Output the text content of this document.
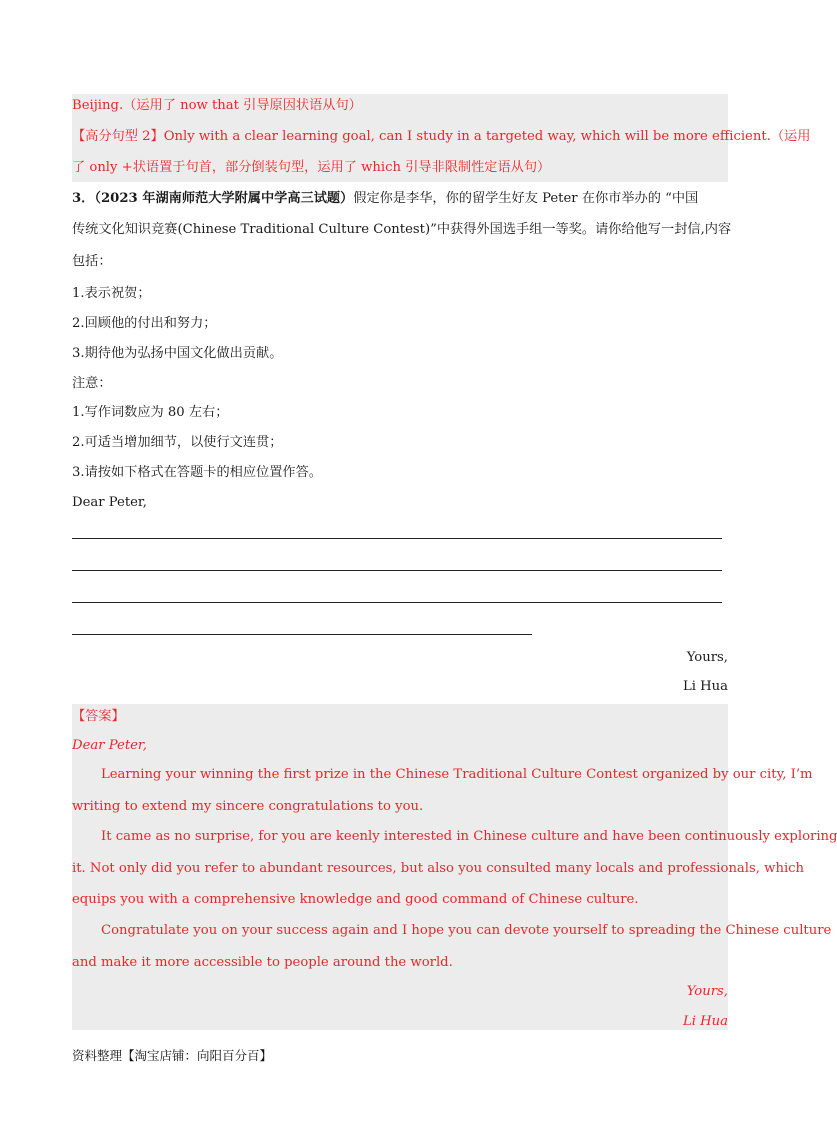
Beijing.（运用了 now that 引导原因状语从句）
【高分句型 2】Only with a clear learning goal, can I study in a targeted way, which will be more efficient.（运用
了 only +状语置于句首，部分倒装句型，运用了 which 引导非限制性定语从句）
3．（2023 年湖南师范大学附属中学高三试题）假定你是李华，你的留学生好友 Peter 在你市举办的 “中国
传统文化知识竞赛(Chinese Traditional Culture Contest)”中获得外国选手组一等奖。请你给他写一封信,内容
包括：
1.表示祝贺；
2.回顾他的付出和努力；
3.期待他为弘扬中国文化做出贡献。
注意：
1.写作词数应为 80 左右；
2.可适当增加细节，以使行文连贯；
3.请按如下格式在答题卡的相应位置作答。
Dear Peter,
Yours,
Li Hua
【答案】
Dear Peter,
Learning your winning the first prize in the Chinese Traditional Culture Contest organized by our city, I’m
writing to extend my sincere congratulations to you.
It came as no surprise, for you are keenly interested in Chinese culture and have been continuously exploring
it. Not only did you refer to abundant resources, but also you consulted many locals and professionals, which
equips you with a comprehensive knowledge and good command of Chinese culture.
Congratulate you on your success again and I hope you can devote yourself to spreading the Chinese culture
and make it more accessible to people around the world.
Yours,
Li Hua
资料整理【淘宝店铺：向阳百分百】
